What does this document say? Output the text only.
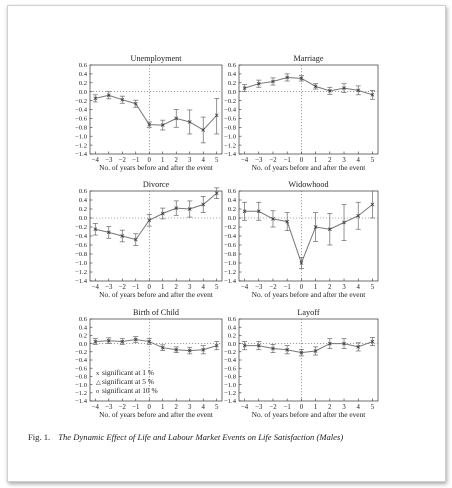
Unemployment
0.6
0.4
0.2
0.0
−0.2
−0.4
−0.6
−0.8
−1.0
−1.2
−1.4
−4 −3 −2 −1 0 1 2 3 4 5
No. of years before and after the event
Marriage
0.6
0.4
0.2
0.0
−0.2
−0.4
−0.6
−0.8
−1.0
−1.2
−1.4
−4 −3 −2 −1 0 1 2 3 4 5
No. of years before and after the event
Divorce
0.6
0.4
0.2
0.0
−0.2
−0.4
−0.6
−0.8
−1.0
−1.2
−1.4
−4 −3 −2 −1 0 1 2 3 4 5
No. of years before and after the event
Widowhood
0.6
0.4
0.2
0.0
−0.2
−0.4
−0.6
−0.8
−1.0
−1.2
−1.4
−4 −3 −2 −1 0 1 2 3 4 5
No. of years before and after the event
Birth of Child
0.6
0.4
0.2
0.0
−0.2
−0.4
−0.6
−0.8
−1.0
−1.2
−1.4
−4 −3 −2 −1 0 1 2 3 4 5
No. of years before and after the event
Layoff
0.6
0.4
0.2
0.0
−0.2
−0.4
−0.6
−0.8
−1.0
−1.2
−1.4
−4 −3 −2 −1 0 1 2 3 4 5
No. of years before and after the event
x significant at 1 %
△ significant at 5 %
o significant at 10 %
Fig. 1. The Dynamic Effect of Life and Labour Market Events on Life Satisfaction (Males)
